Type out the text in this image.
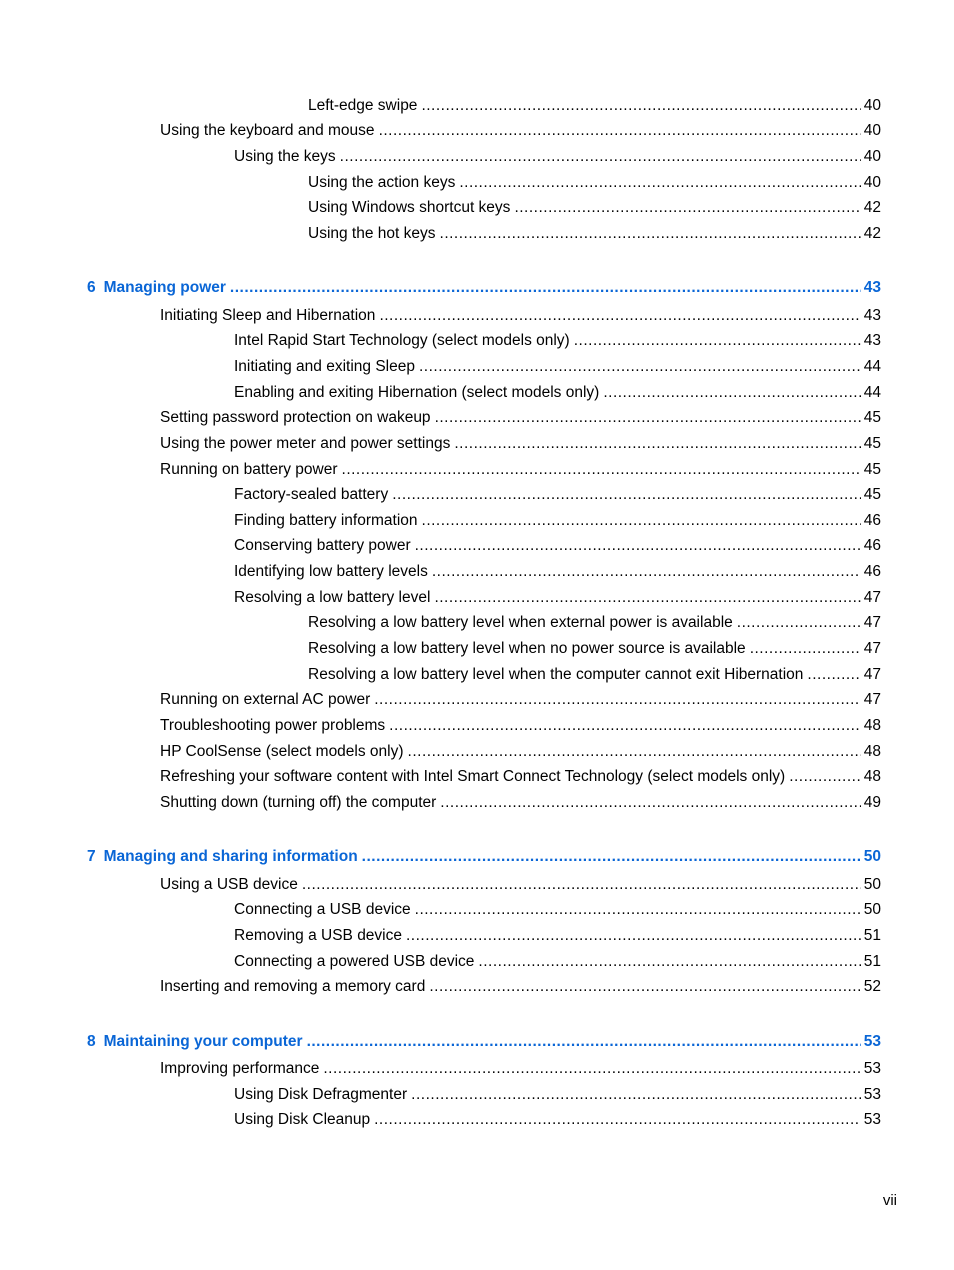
Left-edge swipe .....	40
Using the keyboard and mouse .....	40
Using the keys .....	40
Using the action keys .....	40
Using Windows shortcut keys .....	42
Using the hot keys .....	42
6 Managing power .....	43
Initiating Sleep and Hibernation .....	43
Intel Rapid Start Technology (select models only) .....	43
Initiating and exiting Sleep .....	44
Enabling and exiting Hibernation (select models only) .....	44
Setting password protection on wakeup .....	45
Using the power meter and power settings .....	45
Running on battery power .....	45
Factory-sealed battery .....	45
Finding battery information .....	46
Conserving battery power .....	46
Identifying low battery levels .....	46
Resolving a low battery level .....	47
Resolving a low battery level when external power is available .....	47
Resolving a low battery level when no power source is available .....	47
Resolving a low battery level when the computer cannot exit Hibernation .....	47
Running on external AC power .....	47
Troubleshooting power problems .....	48
HP CoolSense (select models only) .....	48
Refreshing your software content with Intel Smart Connect Technology (select models only) .....	48
Shutting down (turning off) the computer .....	49
7 Managing and sharing information .....	50
Using a USB device .....	50
Connecting a USB device .....	50
Removing a USB device .....	51
Connecting a powered USB device .....	51
Inserting and removing a memory card .....	52
8 Maintaining your computer .....	53
Improving performance .....	53
Using Disk Defragmenter .....	53
Using Disk Cleanup .....	53
vii
